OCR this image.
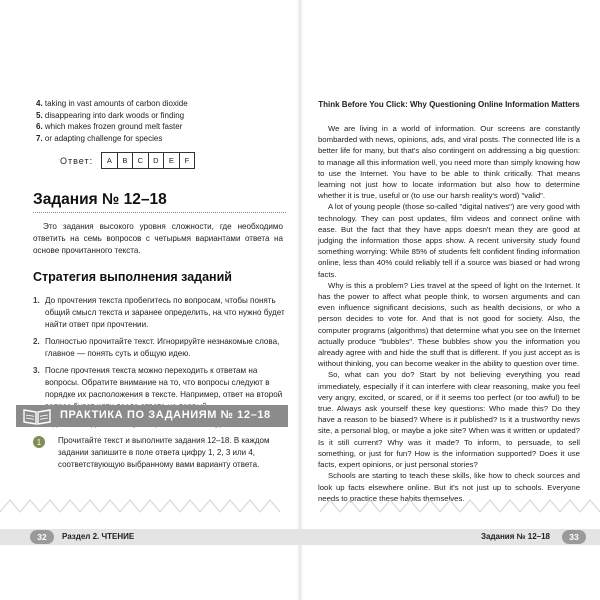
4. taking in vast amounts of carbon dioxide
5. disappearing into dark woods or finding
6. which makes frozen ground melt faster
7. or adapting challenge for species
Ответ:	A	B	C	D	E	F
Задания № 12–18

Это задания высокого уровня сложности, где необходимо ответить на семь вопросов с четырьмя вариантами ответа на основе прочитанного текста.

Стратегия выполнения заданий
1. До прочтения текста пробегитесь по вопросам, чтобы понять общий смысл текста и заранее определить, на что нужно будет найти ответ при прочтении.
2. Полностью прочитайте текст. Игнорируйте незнакомые слова, главное — понять суть и общую идею.
3. После прочтения текста можно переходить к ответам на вопросы. Обратите внимание на то, что вопросы следуют в порядке их расположения в тексте. Например, ответ на второй
ПРАКТИКА ПО ЗАДАНИЯМ № 12–18
1	Прочитайте текст и выполните задания 12–18. В каждом задании запишите в поле ответа цифру 1, 2, 3 или 4, соответствующую выбранному вами варианту ответа.
Think Before You Click: Why Questioning Online Information Matters

We are living in a world of information. Our screens are constantly bombarded with news, opinions, ads, and viral posts. The connected life is a better life for many, but that's also contingent on addressing a big question: to manage all this information well, you need more than simply knowing how to use the Internet. You have to be able to think critically. That means learning not just how to locate information but also how to determine whether it is true, useful or (to use our harsh reality's word) "valid".

A lot of young people (those so-called "digital natives") are very good with technology. They can post updates, film videos and connect online with ease. But the fact that they have apps doesn't mean they are good at judging the information those apps show. A recent university study found something worrying: While 85% of students felt confident finding information online, less than 40% could reliably tell if a source was biased or had wrong facts.

Why is this a problem? Lies travel at the speed of light on the Internet. It has the power to affect what people think, to worsen arguments and can even influence significant decisions, such as health decisions, or who a person decides to vote for. And that is not good for society. Also, the computer programs (algorithms) that determine what you see on the Internet actually produce "bubbles". These bubbles show you the information you already agree with and hide the stuff that is different. If you just accept as is without thinking, you can become weaker in the ability to question over time.

So, what can you do? Start by not believing everything you read immediately, especially if it can interfere with clear reasoning, make you feel very angry, excited, or scared, or if it seems too perfect (or too awful) to be true. Always ask yourself these key questions: Who made this? Do they have a reason to be biased? Where is it published? Is it a trustworthy news site, a personal blog, or maybe a joke site? When was it written or updated? Is it still current? Why was it made? To inform, to persuade, to sell something, or just for fun? How is the information supported? Does it use facts, expert opinions, or just personal stories?

Schools are starting to teach these skills, like how to check sources and look up facts elsewhere online. But it's not just up to schools. Everyone needs to practice these habits themselves.

32	Раздел 2. ЧТЕНИЕ	Задания № 12–18	33
